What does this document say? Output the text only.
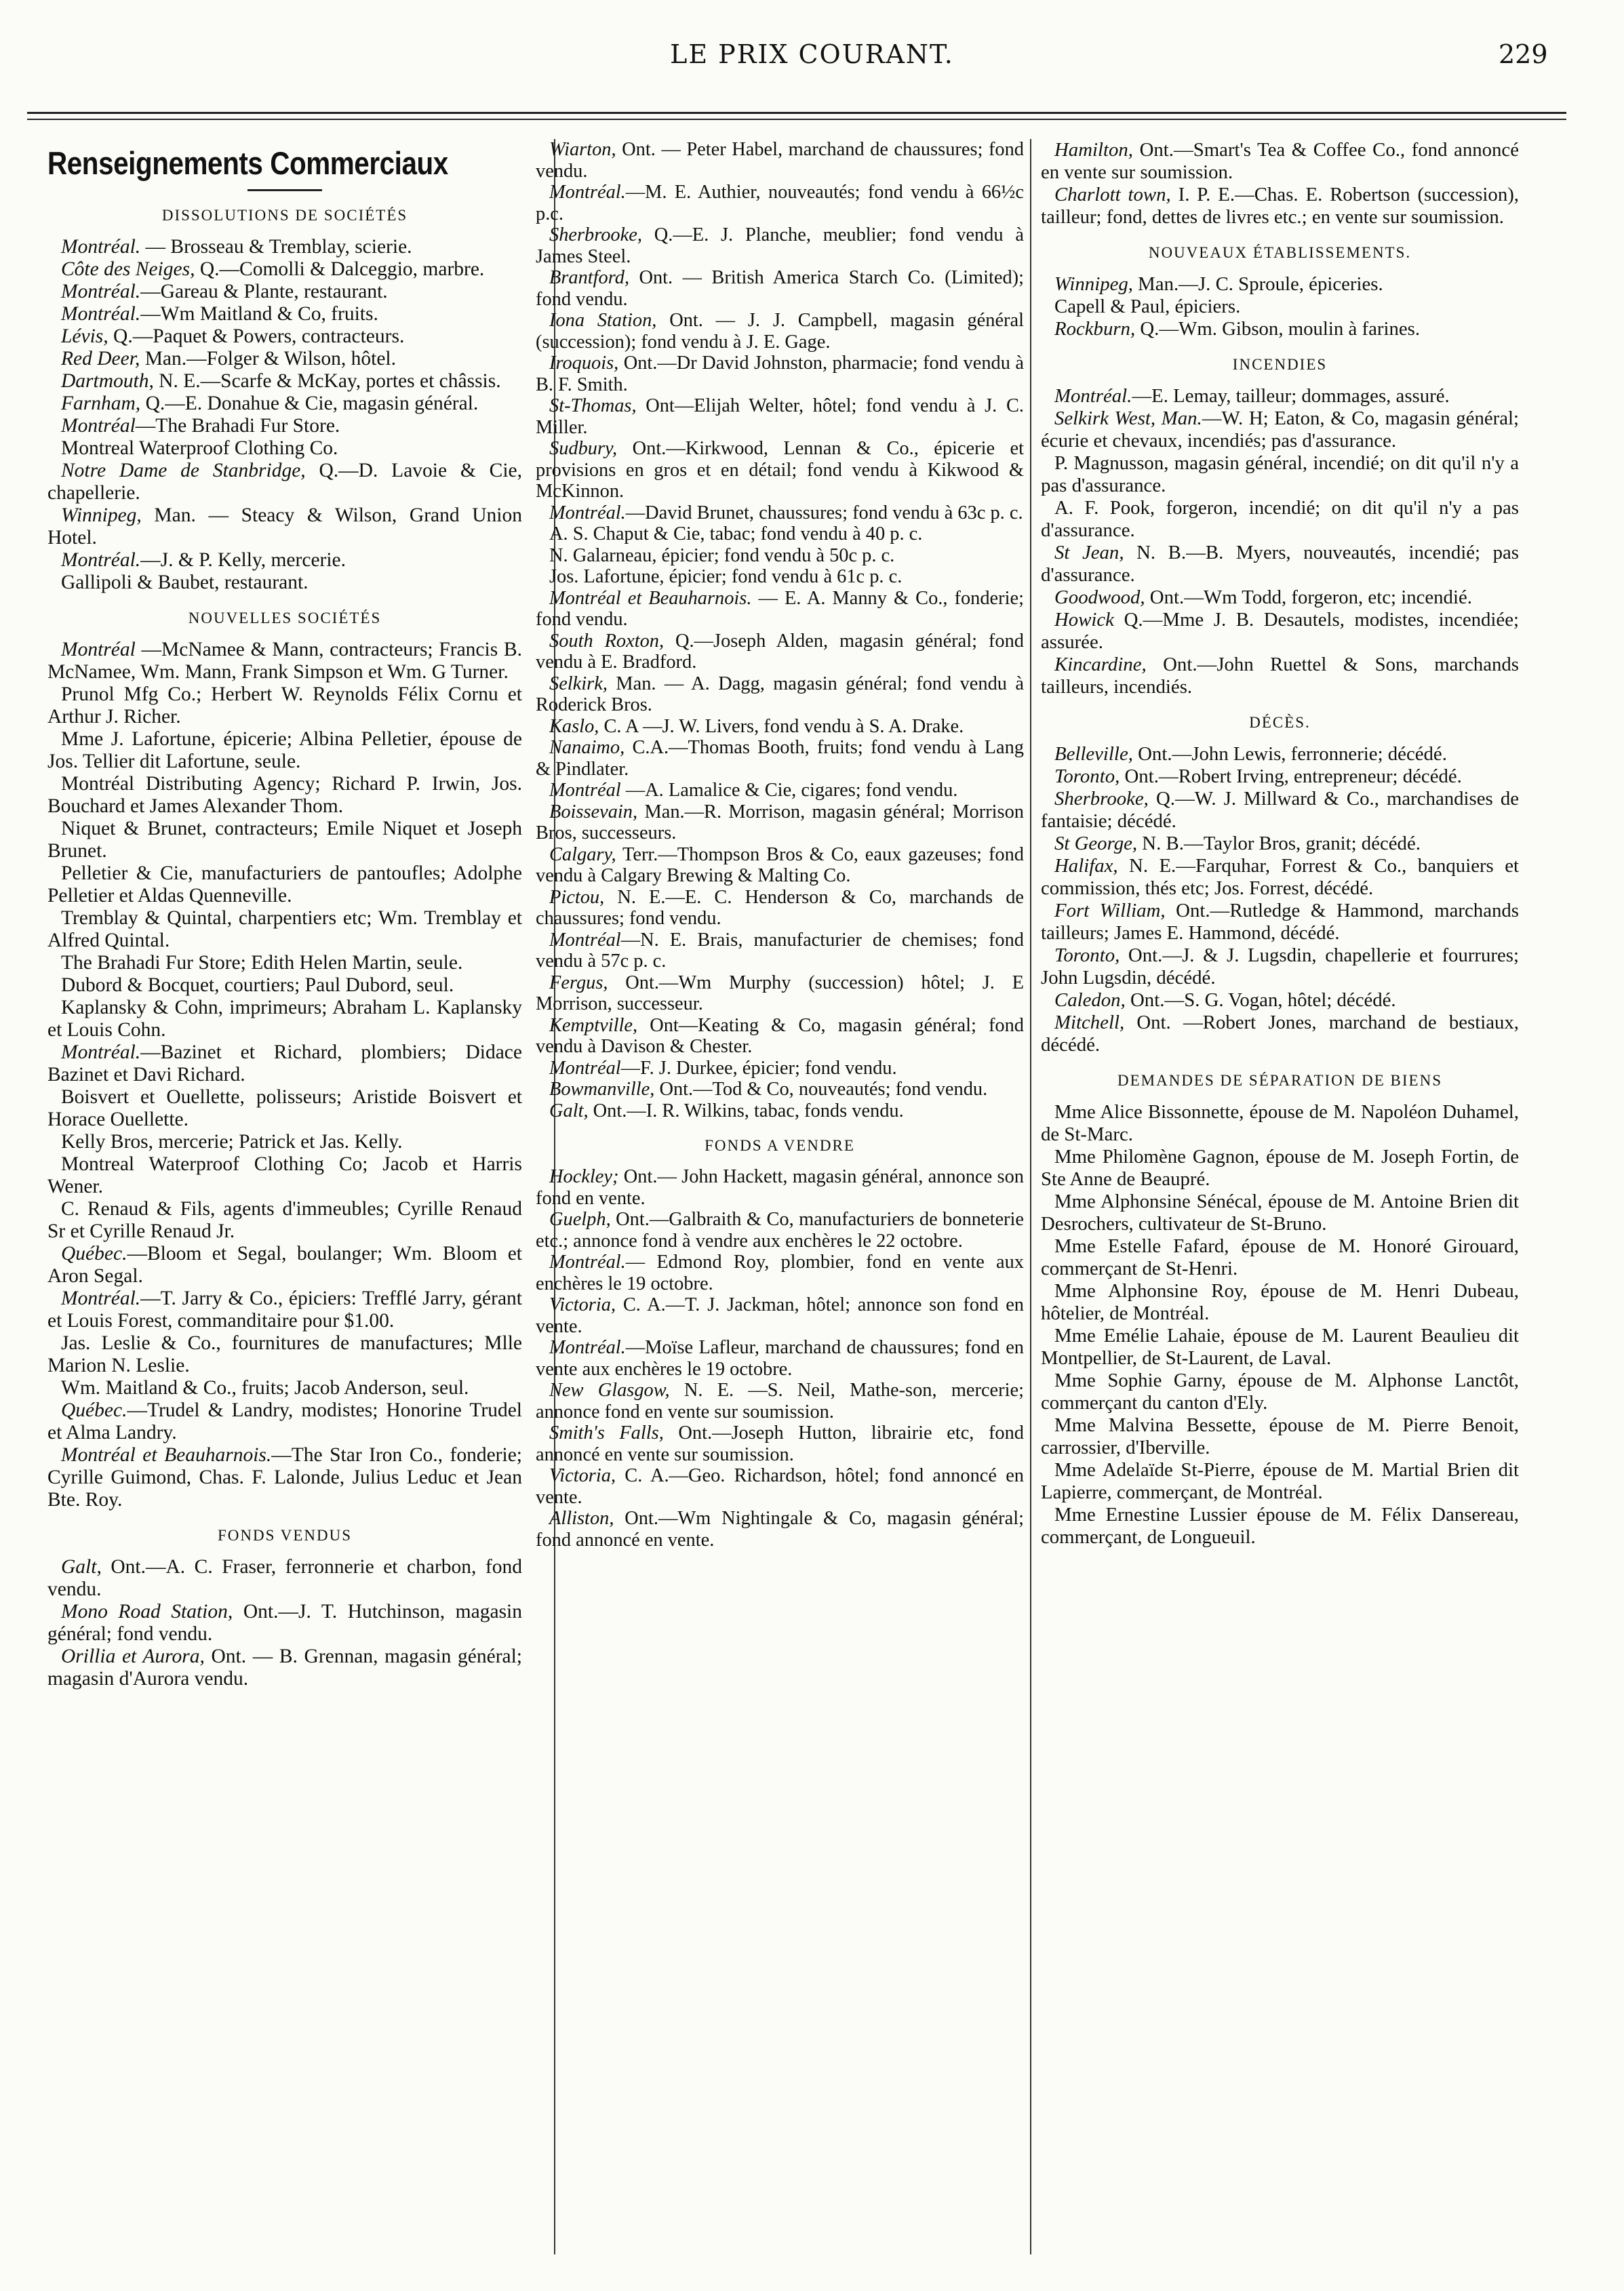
LE PRIX COURANT.	229
Renseignements Commerciaux
DISSOLUTIONS DE SOCIÉTÉS

Montréal. — Brosseau & Tremblay, scierie.

Côte des Neiges, Q.—Comolli & Dalceggio, marbre.

Montréal.—Gareau & Plante, restaurant.

Montréal.—Wm Maitland & Co, fruits.

Lévis, Q.—Paquet & Powers, contracteurs.

Red Deer, Man.—Folger & Wilson, hôtel.

Dartmouth, N. E.—Scarfe & McKay, portes et châssis.

Farnham, Q.—E. Donahue & Cie, magasin général.

Montréal—The Brahadi Fur Store.

Montreal Waterproof Clothing Co.

Notre Dame de Stanbridge, Q.—D. Lavoie & Cie, chapellerie.

Winnipeg, Man. — Steacy & Wilson, Grand Union Hotel.

Montréal.—J. & P. Kelly, mercerie.

Gallipoli & Baubet, restaurant.

NOUVELLES SOCIÉTÉS

Montréal —McNamee & Mann, contracteurs; Francis B. McNamee, Wm. Mann, Frank Simpson et Wm. G Turner.

Prunol Mfg Co.; Herbert W. Reynolds Félix Cornu et Arthur J. Richer.

Mme J. Lafortune, épicerie; Albina Pelletier, épouse de Jos. Tellier dit Lafortune, seule.

Montréal Distributing Agency; Richard P. Irwin, Jos. Bouchard et James Alexander Thom.

Niquet & Brunet, contracteurs; Emile Niquet et Joseph Brunet.

Pelletier & Cie, manufacturiers de pantoufles; Adolphe Pelletier et Aldas Quenneville.

Tremblay & Quintal, charpentiers etc; Wm. Tremblay et Alfred Quintal.

The Brahadi Fur Store; Edith Helen Martin, seule.

Dubord & Bocquet, courtiers; Paul Dubord, seul.

Kaplansky & Cohn, imprimeurs; Abraham L. Kaplansky et Louis Cohn.

Montréal.—Bazinet et Richard, plombiers; Didace Bazinet et Davi Richard.

Boisvert et Ouellette, polisseurs; Aristide Boisvert et Horace Ouellette.

Kelly Bros, mercerie; Patrick et Jas. Kelly.

Montreal Waterproof Clothing Co; Jacob et Harris Wener.

C. Renaud & Fils, agents d'immeubles; Cyrille Renaud Sr et Cyrille Renaud Jr.

Québec.—Bloom et Segal, boulanger; Wm. Bloom et Aron Segal.

Montréal.—T. Jarry & Co., épiciers: Trefflé Jarry, gérant et Louis Forest, commanditaire pour $1.00.

Jas. Leslie & Co., fournitures de manufactures; Mlle Marion N. Leslie.

Wm. Maitland & Co., fruits; Jacob Anderson, seul.

Québec.—Trudel & Landry, modistes; Honorine Trudel et Alma Landry.

Montréal et Beauharnois.—The Star Iron Co., fonderie; Cyrille Guimond, Chas. F. Lalonde, Julius Leduc et Jean Bte. Roy.

FONDS VENDUS

Galt, Ont.—A. C. Fraser, ferronnerie et charbon, fond vendu.

Mono Road Station, Ont.—J. T. Hutchinson, magasin général; fond vendu.

Orillia et Aurora, Ont. — B. Grennan, magasin général; magasin d'Aurora vendu.

Wiarton, Ont. — Peter Habel, marchand de chaussures; fond vendu.

Montréal.—M. E. Authier, nouveautés; fond vendu à 66½c p.c.

Sherbrooke, Q.—E. J. Planche, meublier; fond vendu à James Steel.

Brantford, Ont. — British America Starch Co. (Limited); fond vendu.

Iona Station, Ont. — J. J. Campbell, magasin général (succession); fond vendu à J. E. Gage.

Iroquois, Ont.—Dr David Johnston, pharmacie; fond vendu à B. F. Smith.

St-Thomas, Ont—Elijah Welter, hôtel; fond vendu à J. C. Miller.

Sudbury, Ont.—Kirkwood, Lennan & Co., épicerie et provisions en gros et en détail; fond vendu à Kikwood & McKinnon.

Montréal.—David Brunet, chaussures; fond vendu à 63c p. c.

A. S. Chaput & Cie, tabac; fond vendu à 40 p. c.

N. Galarneau, épicier; fond vendu à 50c p. c.

Jos. Lafortune, épicier; fond vendu à 61c p. c.

Montréal et Beauharnois. — E. A. Manny & Co., fonderie; fond vendu.

South Roxton, Q.—Joseph Alden, magasin général; fond vendu à E. Bradford.

Selkirk, Man. — A. Dagg, magasin général; fond vendu à Roderick Bros.

Kaslo, C. A —J. W. Livers, fond vendu à S. A. Drake.

Nanaimo, C.A.—Thomas Booth, fruits; fond vendu à Lang & Pindlater.

Montréal —A. Lamalice & Cie, cigares; fond vendu.

Boissevain, Man.—R. Morrison, magasin général; Morrison Bros, successeurs.

Calgary, Terr.—Thompson Bros & Co, eaux gazeuses; fond vendu à Calgary Brewing & Malting Co.

Pictou, N. E.—E. C. Henderson & Co, marchands de chaussures; fond vendu.

Montréal—N. E. Brais, manufacturier de chemises; fond vendu à 57c p. c.

Fergus, Ont.—Wm Murphy (succession) hôtel; J. E Morrison, successeur.

Kemptville, Ont—Keating & Co, magasin général; fond vendu à Davison & Chester.

Montréal—F. J. Durkee, épicier; fond vendu.

Bowmanville, Ont.—Tod & Co, nouveautés; fond vendu.

Galt, Ont.—I. R. Wilkins, tabac, fonds vendu.

FONDS A VENDRE

Hockley; Ont.— John Hackett, magasin général, annonce son fond en vente.

Guelph, Ont.—Galbraith & Co, manufacturiers de bonneterie etc.; annonce fond à vendre aux enchères le 22 octobre.

Montréal.— Edmond Roy, plombier, fond en vente aux enchères le 19 octobre.

Victoria, C. A.—T. J. Jackman, hôtel; annonce son fond en vente.

Montréal.—Moïse Lafleur, marchand de chaussures; fond en vente aux enchères le 19 octobre.

New Glasgow, N. E. —S. Neil, Mathe-son, mercerie; annonce fond en vente sur soumission.

Smith's Falls, Ont.—Joseph Hutton, librairie etc, fond annoncé en vente sur soumission.

Victoria, C. A.—Geo. Richardson, hôtel; fond annoncé en vente.

Alliston, Ont.—Wm Nightingale & Co, magasin général; fond annoncé en vente.

Hamilton, Ont.—Smart's Tea & Coffee Co., fond annoncé en vente sur soumission.

Charlott town, I. P. E.—Chas. E. Robertson (succession), tailleur; fond, dettes de livres etc.; en vente sur soumission.

NOUVEAUX ÉTABLISSEMENTS.

Winnipeg, Man.—J. C. Sproule, épiceries.

Capell & Paul, épiciers.

Rockburn, Q.—Wm. Gibson, moulin à farines.

INCENDIES

Montréal.—E. Lemay, tailleur; dommages, assuré.

Selkirk West, Man.—W. H; Eaton, & Co, magasin général; écurie et chevaux, incendiés; pas d'assurance.

P. Magnusson, magasin général, incendié; on dit qu'il n'y a pas d'assurance.

A. F. Pook, forgeron, incendié; on dit qu'il n'y a pas d'assurance.

St Jean, N. B.—B. Myers, nouveautés, incendié; pas d'assurance.

Goodwood, Ont.—Wm Todd, forgeron, etc; incendié.

Howick Q.—Mme J. B. Desautels, modistes, incendiée; assurée.

Kincardine, Ont.—John Ruettel & Sons, marchands tailleurs, incendiés.

DÉCÈS.

Belleville, Ont.—John Lewis, ferronnerie; décédé.

Toronto, Ont.—Robert Irving, entrepreneur; décédé.

Sherbrooke, Q.—W. J. Millward & Co., marchandises de fantaisie; décédé.

St George, N. B.—Taylor Bros, granit; décédé.

Halifax, N. E.—Farquhar, Forrest & Co., banquiers et commission, thés etc; Jos. Forrest, décédé.

Fort William, Ont.—Rutledge & Hammond, marchands tailleurs; James E. Hammond, décédé.

Toronto, Ont.—J. & J. Lugsdin, chapellerie et fourrures; John Lugsdin, décédé.

Caledon, Ont.—S. G. Vogan, hôtel; décédé.

Mitchell, Ont. —Robert Jones, marchand de bestiaux, décédé.

DEMANDES DE SÉPARATION DE BIENS

Mme Alice Bissonnette, épouse de M. Napoléon Duhamel, de St-Marc.

Mme Philomène Gagnon, épouse de M. Joseph Fortin, de Ste Anne de Beaupré.

Mme Alphonsine Sénécal, épouse de M. Antoine Brien dit Desrochers, cultivateur de St-Bruno.

Mme Estelle Fafard, épouse de M. Honoré Girouard, commerçant de St-Henri.

Mme Alphonsine Roy, épouse de M. Henri Dubeau, hôtelier, de Montréal.

Mme Emélie Lahaie, épouse de M. Laurent Beaulieu dit Montpellier, de St-Laurent, de Laval.

Mme Sophie Garny, épouse de M. Alphonse Lanctôt, commerçant du canton d'Ely.

Mme Malvina Bessette, épouse de M. Pierre Benoit, carrossier, d'Iberville.

Mme Adelaïde St-Pierre, épouse de M. Martial Brien dit Lapierre, commerçant, de Montréal.

Mme Ernestine Lussier épouse de M. Félix Dansereau, commerçant, de Longueuil.
